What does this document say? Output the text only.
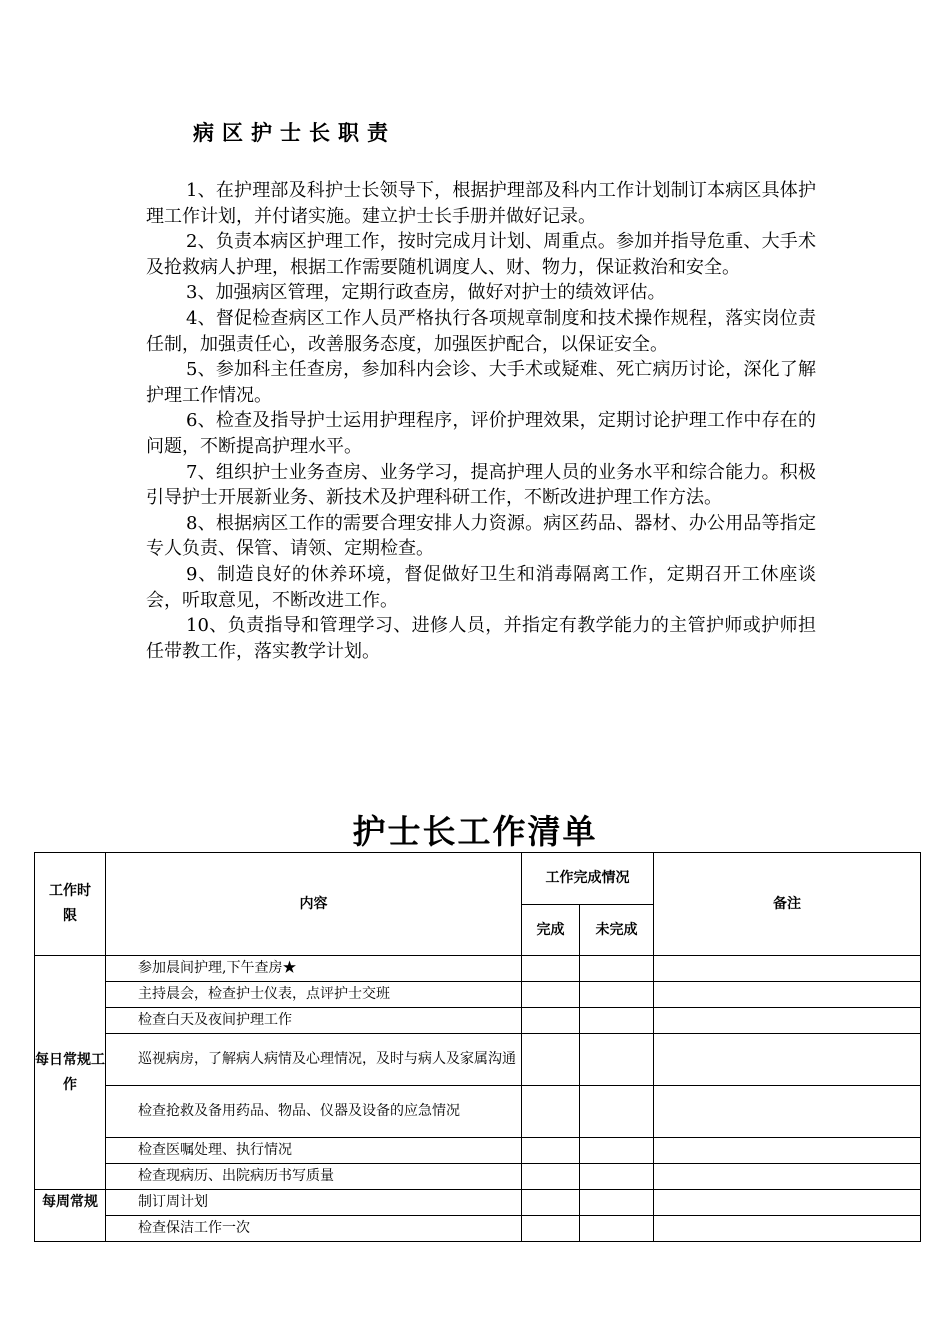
病区护士长职责

1、在护理部及科护士长领导下，根据护理部及科内工作计划制订本病区具体护理工作计划，并付诸实施。建立护士长手册并做好记录。

2、负责本病区护理工作，按时完成月计划、周重点。参加并指导危重、大手术及抢救病人护理，根据工作需要随机调度人、财、物力，保证救治和安全。

3、加强病区管理，定期行政查房，做好对护士的绩效评估。

4、督促检查病区工作人员严格执行各项规章制度和技术操作规程，落实岗位责任制，加强责任心，改善服务态度，加强医护配合，以保证安全。

5、参加科主任查房，参加科内会诊、大手术或疑难、死亡病历讨论，深化了解护理工作情况。

6、检查及指导护士运用护理程序，评价护理效果，定期讨论护理工作中存在的问题，不断提高护理水平。

7、组织护士业务查房、业务学习，提高护理人员的业务水平和综合能力。积极引导护士开展新业务、新技术及护理科研工作，不断改进护理工作方法。

8、根据病区工作的需要合理安排人力资源。病区药品、器材、办公用品等指定专人负责、保管、请领、定期检查。

9、制造良好的休养环境，督促做好卫生和消毒隔离工作，定期召开工休座谈会，听取意见，不断改进工作。

10、负责指导和管理学习、进修人员，并指定有教学能力的主管护师或护师担任带教工作，落实教学计划。

护士长工作清单
工作时限	内容	工作完成情况		备注
		完成	未完成	
每日常规工作	参加晨间护理,下午查房★			
	主持晨会，检查护士仪表，点评护士交班			
	检查白天及夜间护理工作			
	巡视病房，了解病人病情及心理情况，及时与病人及家属沟通			
	检查抢救及备用药品、物品、仪器及设备的应急情况			
	检查医嘱处理、执行情况			
	检查现病历、出院病历书写质量			
每周常规	制订周计划			
	检查保洁工作一次			
